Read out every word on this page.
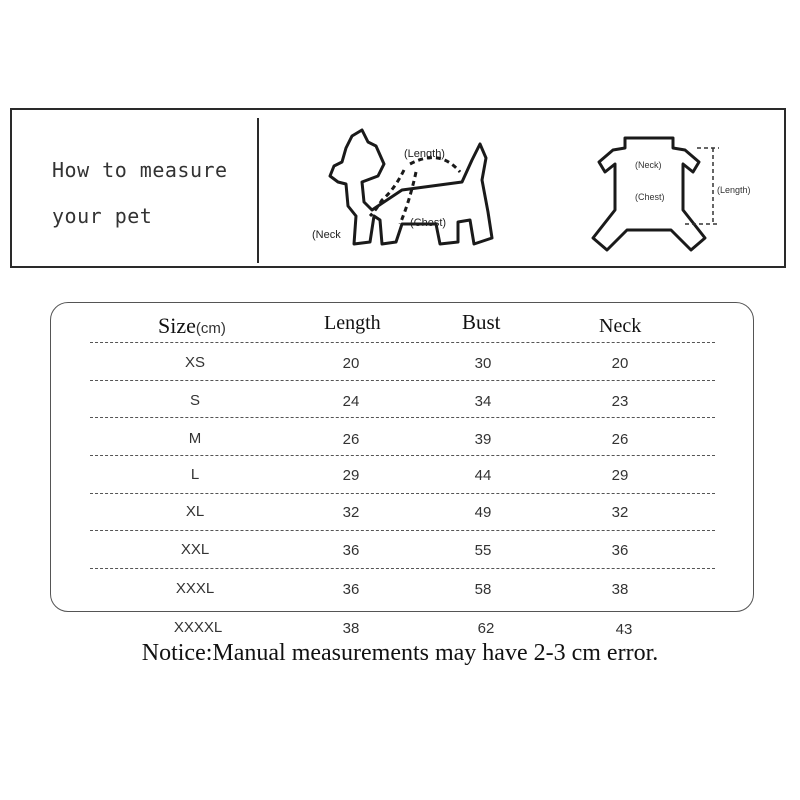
How to measure
your pet
(Length)
(Neck
(Chest)
(Neck)
(Chest)
(Length)
Size(cm)	Length	Bust	Neck
XS	20	30	20
S	24	34	23
M	26	39	26
L	29	44	29
XL	32	49	32
XXL	36	55	36
XXXL	36	58	38
XXXXL	38	62	43
Notice:Manual measurements may have 2-3 cm error.
